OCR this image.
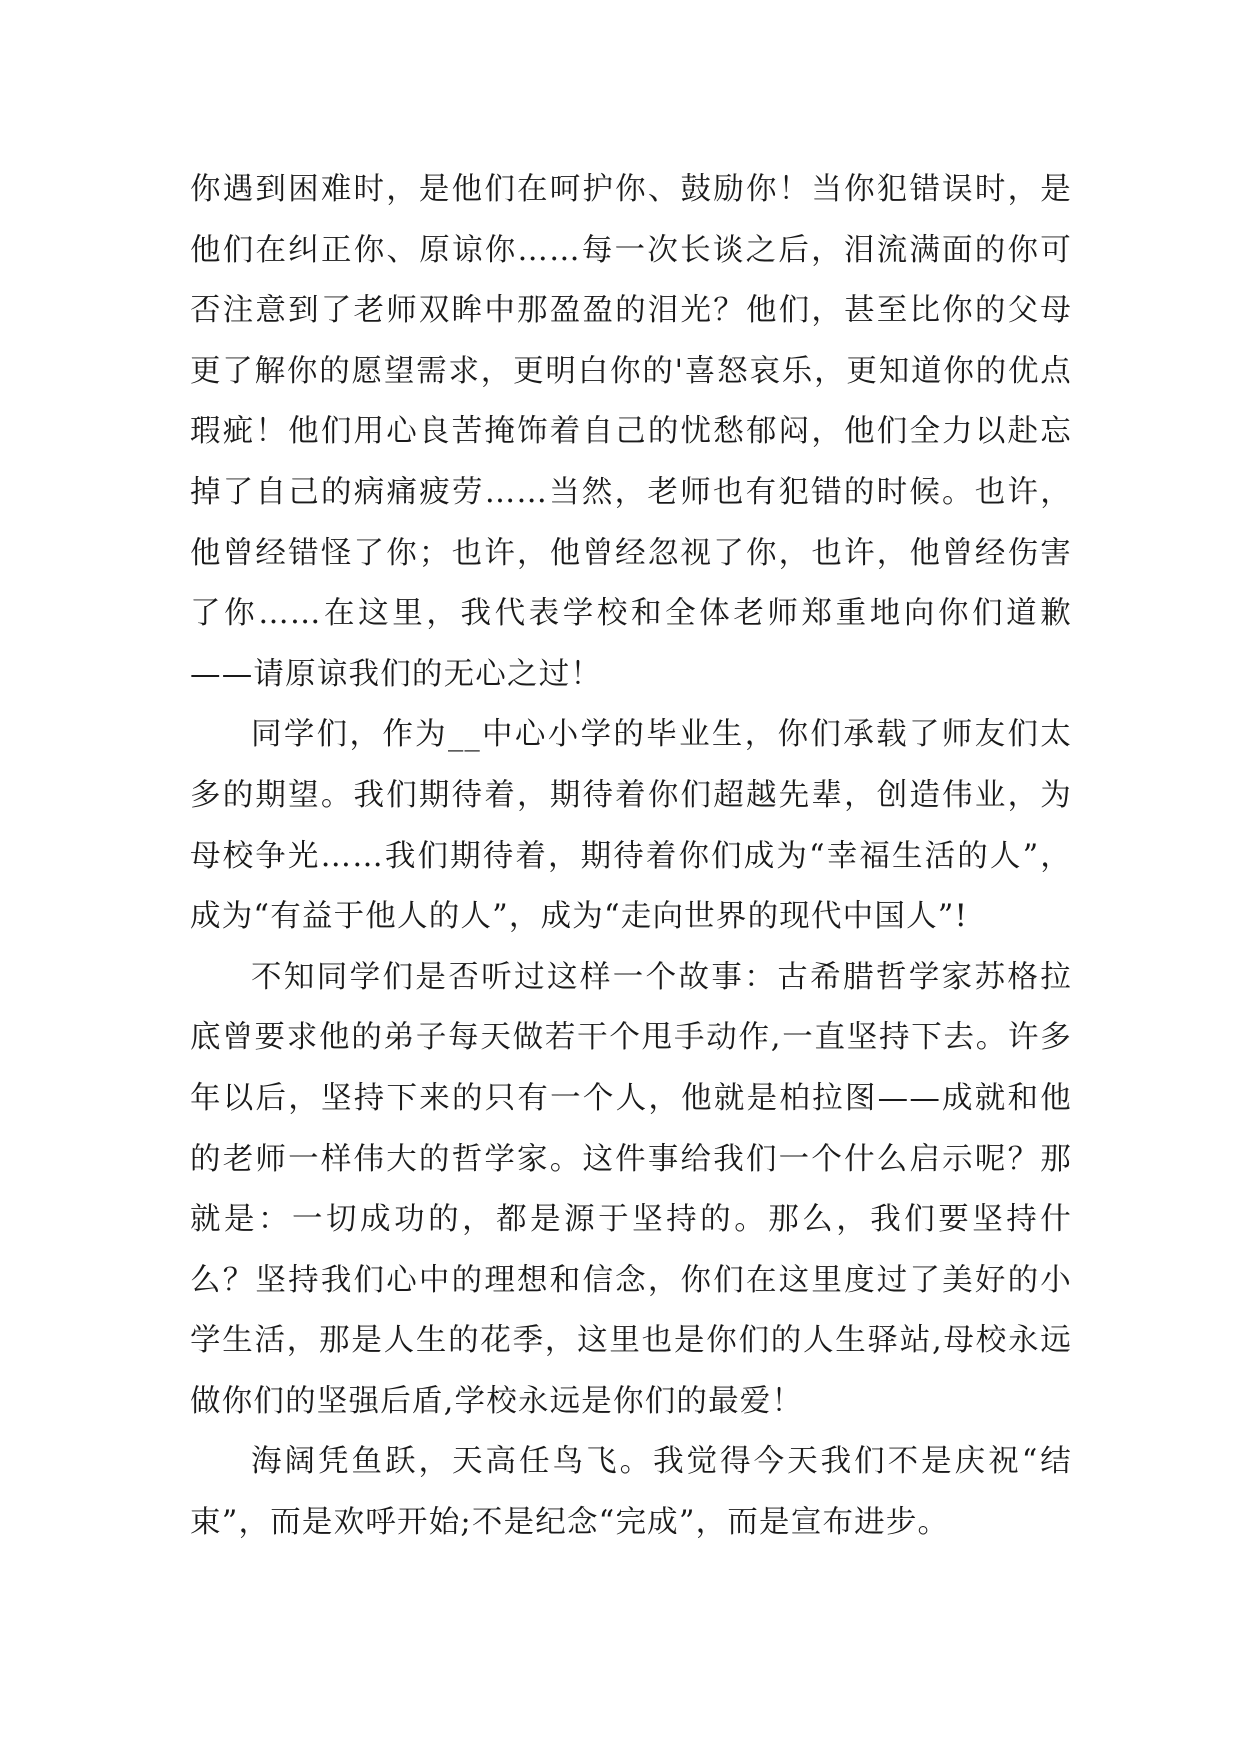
你遇到困难时，是他们在呵护你、鼓励你！当你犯错误时，是他们在纠正你、原谅你……每一次长谈之后，泪流满面的你可否注意到了老师双眸中那盈盈的泪光？他们，甚至比你的父母更了解你的愿望需求，更明白你的'喜怒哀乐，更知道你的优点瑕疵！他们用心良苦掩饰着自己的忧愁郁闷，他们全力以赴忘掉了自己的病痛疲劳……当然，老师也有犯错的时候。也许，他曾经错怪了你；也许，他曾经忽视了你，也许，他曾经伤害了你……在这里，我代表学校和全体老师郑重地向你们道歉——请原谅我们的无心之过！

同学们，作为__中心小学的毕业生，你们承载了师友们太多的期望。我们期待着，期待着你们超越先辈，创造伟业，为母校争光……我们期待着，期待着你们成为“幸福生活的人”，成为“有益于他人的人”，成为“走向世界的现代中国人”!

不知同学们是否听过这样一个故事：古希腊哲学家苏格拉底曾要求他的弟子每天做若干个甩手动作,一直坚持下去。许多年以后，坚持下来的只有一个人，他就是柏拉图——成就和他的老师一样伟大的哲学家。这件事给我们一个什么启示呢？那就是：一切成功的，都是源于坚持的。那么，我们要坚持什么？坚持我们心中的理想和信念，你们在这里度过了美好的小学生活，那是人生的花季，这里也是你们的人生驿站,母校永远做你们的坚强后盾,学校永远是你们的最爱！

海阔凭鱼跃，天高任鸟飞。我觉得今天我们不是庆祝“结束”，而是欢呼开始;不是纪念“完成”，而是宣布进步。
